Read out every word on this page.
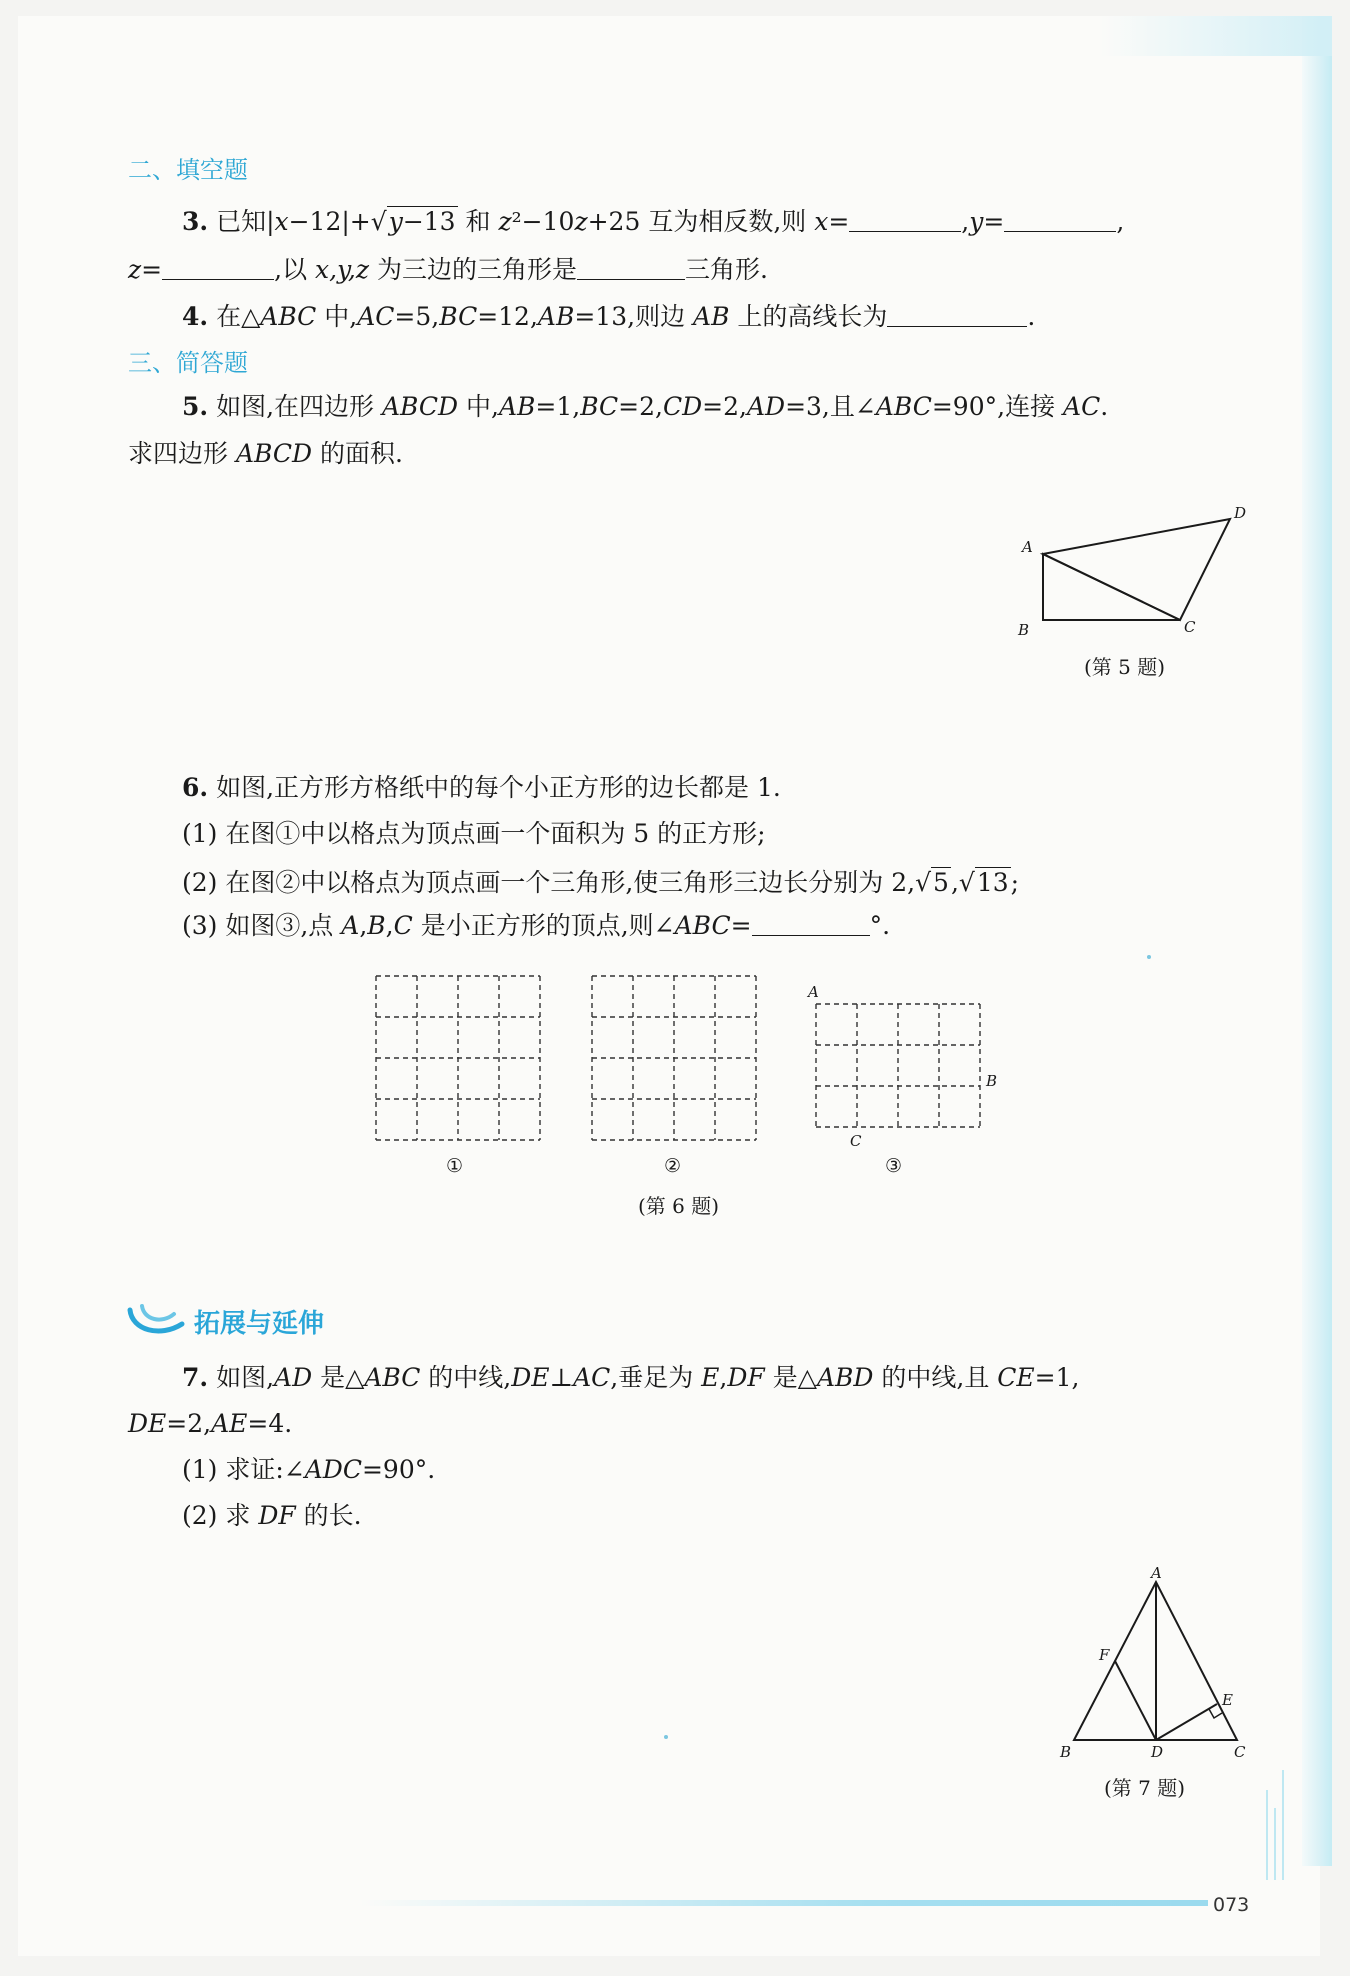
二、填空题
3. 已知|x−12|+√y−13 和 z²−10z+25 互为相反数,则 x=	,y=	,
z=	,以 x,y,z 为三边的三角形是	三角形.
4. 在△ABC 中,AC=5,BC=12,AB=13,则边 AB 上的高线长为	.
三、简答题
5. 如图,在四边形 ABCD 中,AB=1,BC=2,CD=2,AD=3,且∠ABC=90°,连接 AC.
求四边形 ABCD 的面积.
A
B	C
D
(第 5 题)
6. 如图,正方形方格纸中的每个小正方形的边长都是 1.
(1) 在图①中以格点为顶点画一个面积为 5 的正方形;
(2) 在图②中以格点为顶点画一个三角形,使三角形三边长分别为 2,√5,√13;
(3) 如图③,点 A,B,C 是小正方形的顶点,则∠ABC=	°.
①	②
A
B
C
③
(第 6 题)
拓展与延伸
7. 如图,AD 是△ABC 的中线,DE⊥AC,垂足为 E,DF 是△ABD 的中线,且 CE=1,
DE=2,AE=4.
(1) 求证:∠ADC=90°.
(2) 求 DF 的长.
A
B	C
D
E
F
(第 7 题)
073
